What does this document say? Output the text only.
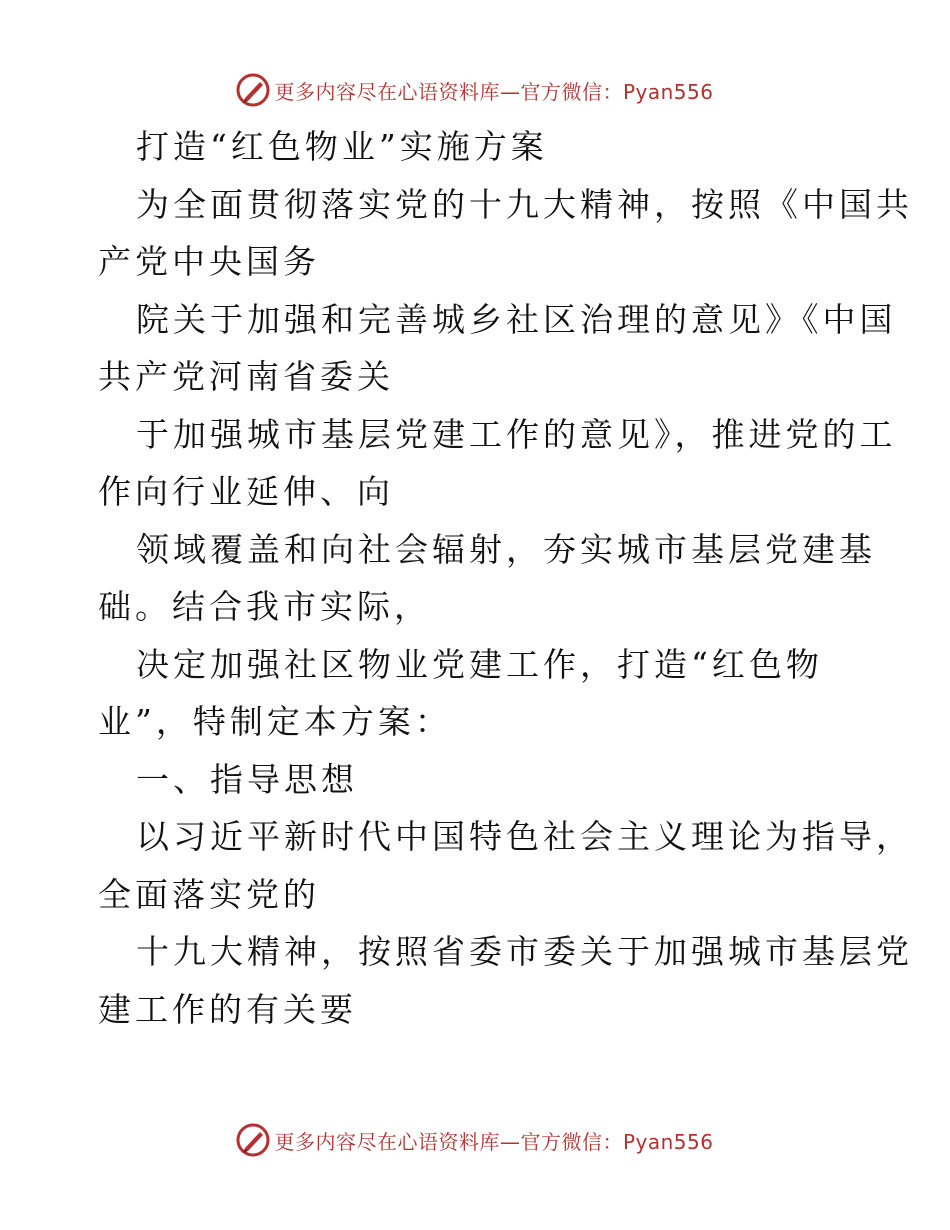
更多内容尽在心语资料库—官方微信：Pyan556
打造“红色物业”实施方案
为全面贯彻落实党的十九大精神，按照《中国共
产党中央国务
院关于加强和完善城乡社区治理的意见》《中国
共产党河南省委关
于加强城市基层党建工作的意见》，推进党的工
作向行业延伸、向
领域覆盖和向社会辐射，夯实城市基层党建基
础。结合我市实际，
决定加强社区物业党建工作，打造“红色物
业”，特制定本方案：
一、指导思想
以习近平新时代中国特色社会主义理论为指导，
全面落实党的
十九大精神，按照省委市委关于加强城市基层党
建工作的有关要
更多内容尽在心语资料库—官方微信：Pyan556
